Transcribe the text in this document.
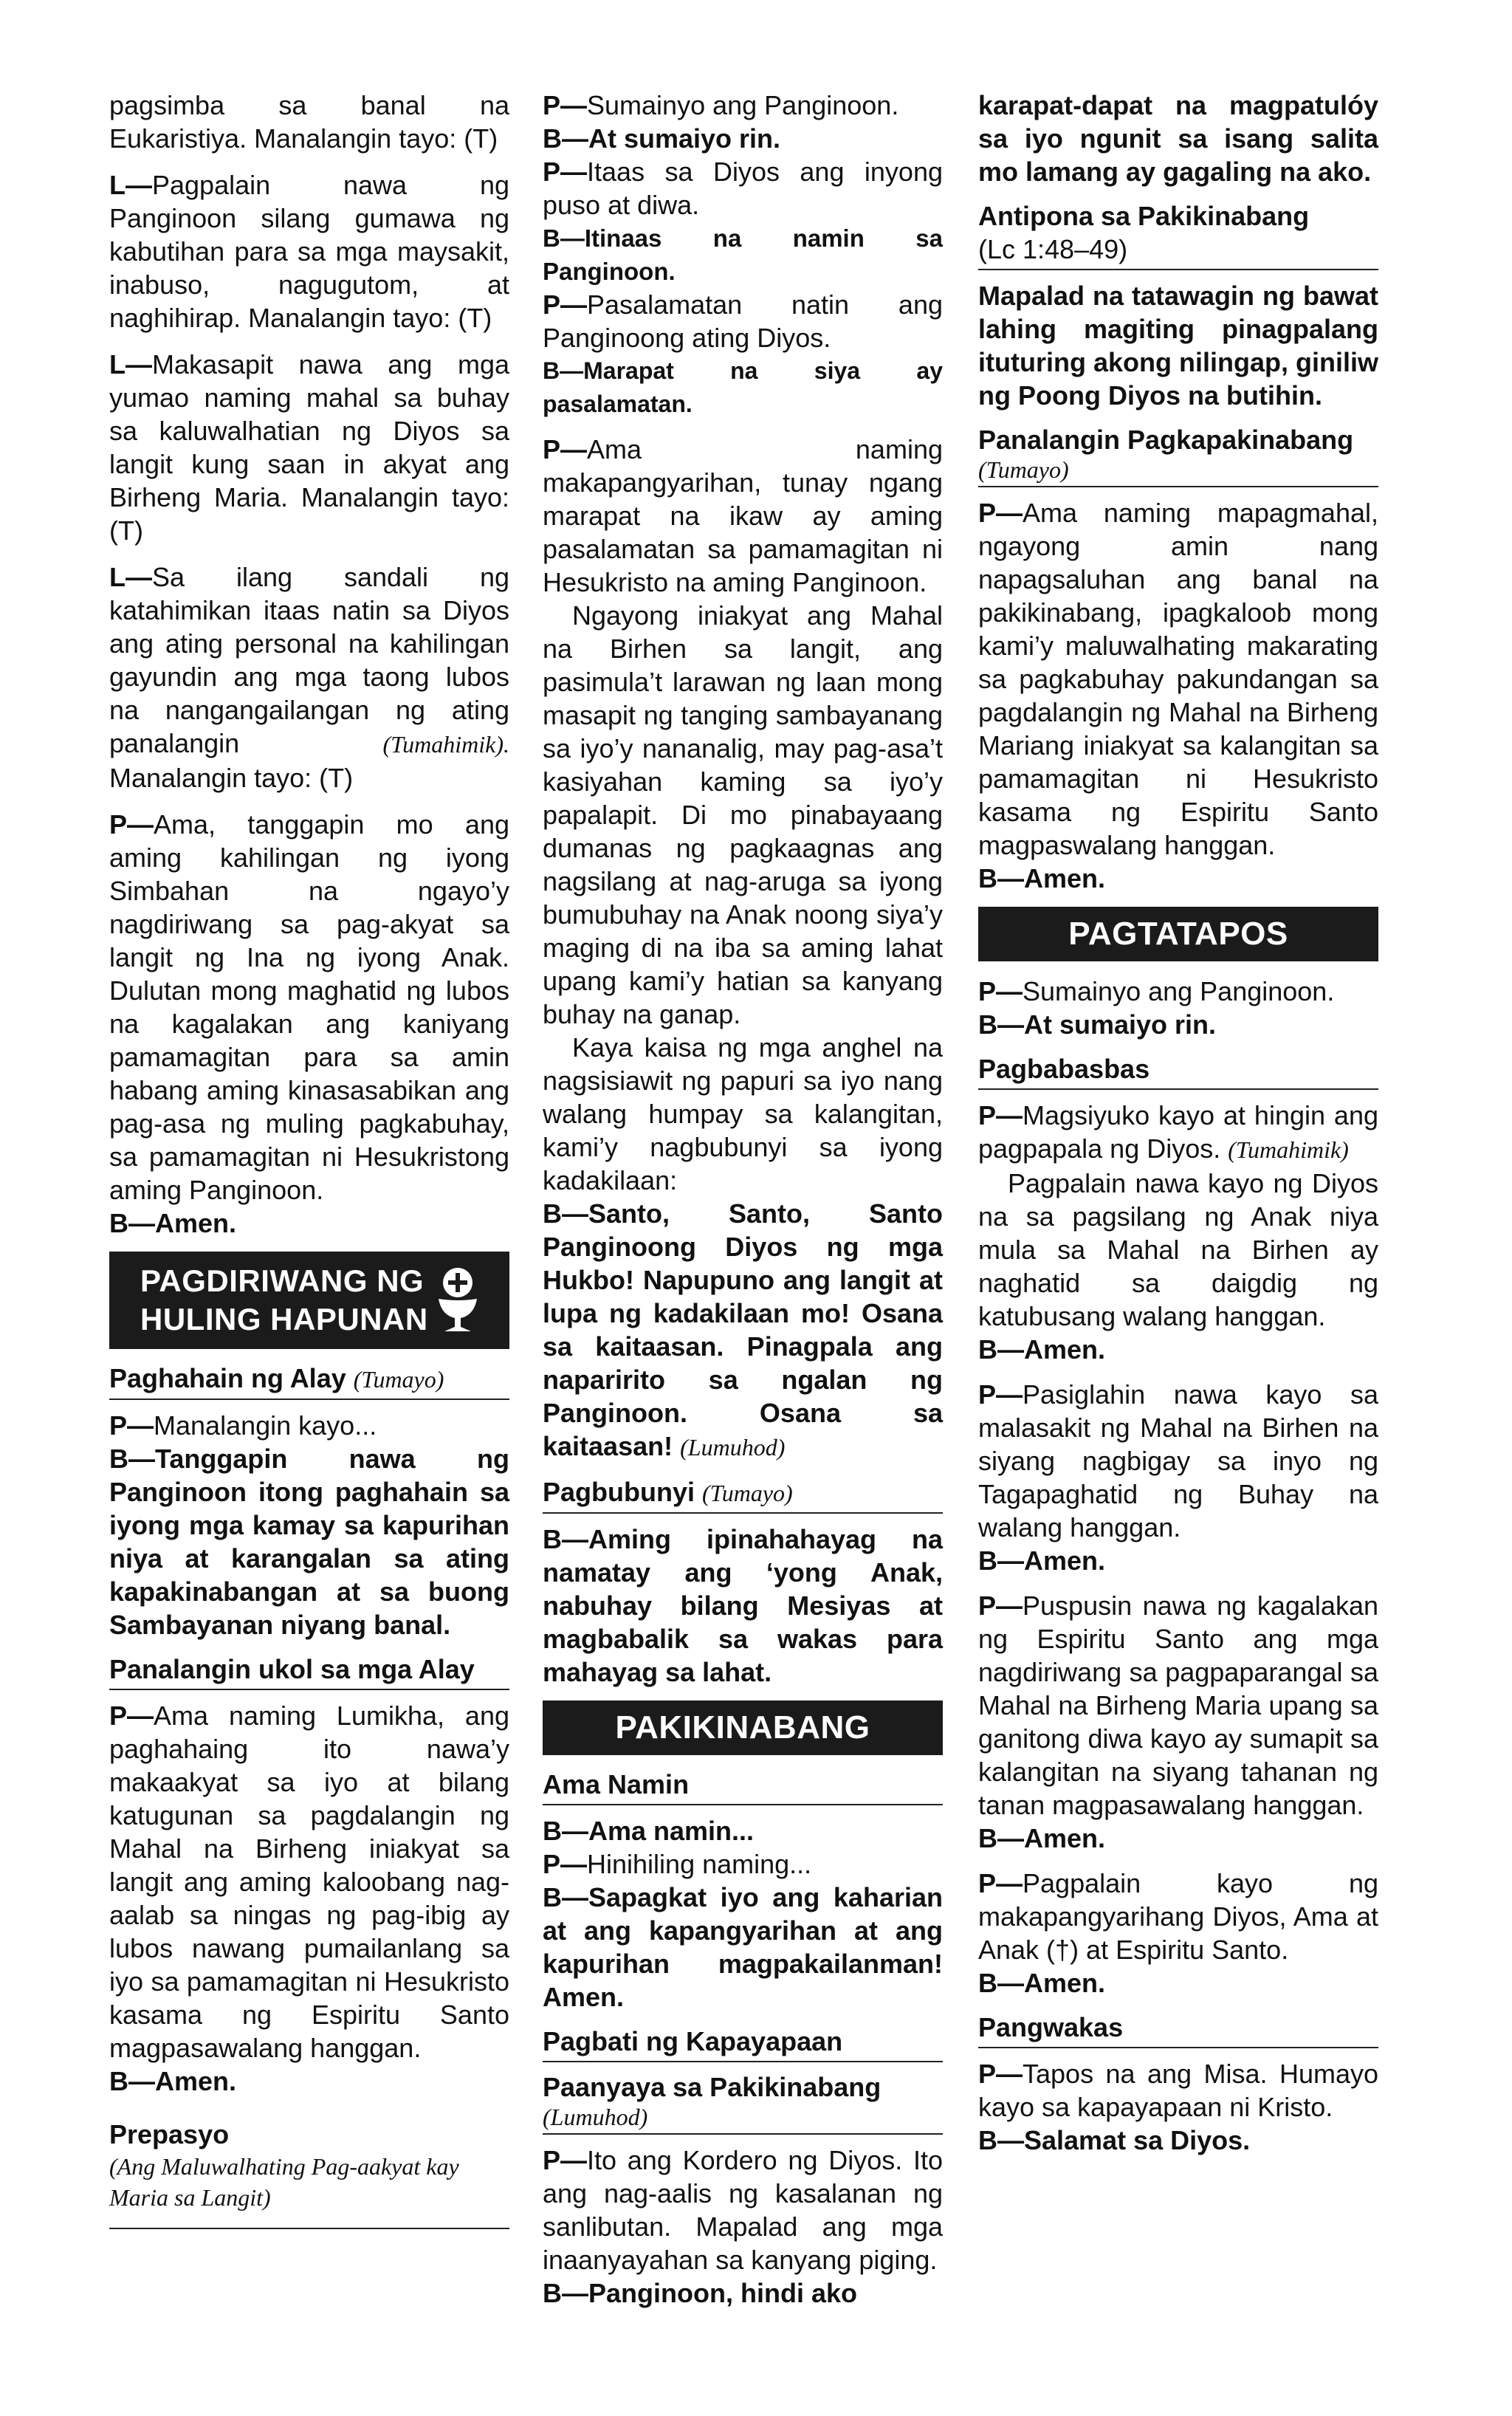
pagsimba sa banal na Eukaristiya. Manalangin tayo: (T)

L—Pagpalain nawa ng Panginoon silang gumawa ng kabutihan para sa mga maysakit, inabuso, nagugutom, at naghihirap. Manalangin tayo: (T)

L—Makasapit nawa ang mga yumao naming mahal sa buhay sa kaluwalhatian ng Diyos sa langit kung saan in akyat ang Birheng Maria. Manalangin tayo: (T)

L—Sa ilang sandali ng katahimikan itaas natin sa Diyos ang ating personal na kahilingan gayundin ang mga taong lubos na nangangailangan ng ating panalangin	(Tumahimik). Manalangin tayo: (T)

P—Ama, tanggapin mo ang aming kahilingan ng iyong Simbahan na ngayo’y nagdiriwang sa pag-akyat sa langit ng Ina ng iyong Anak. Dulutan mong maghatid ng lubos na kagalakan ang kaniyang pamamagitan para sa amin habang aming kinasasabikan ang pag-asa ng muling pagkabuhay, sa pamamagitan ni Hesukristong aming Panginoon.

B—Amen.

PAGDIRIWANG NG
HULING HAPUNAN
Paghahain ng Alay (Tumayo)

P—Manalangin kayo...

B—Tanggapin nawa ng Panginoon itong paghahain sa iyong mga kamay sa kapurihan niya at karangalan sa ating kapakinabangan at sa buong Sambayanan niyang banal.

Panalangin ukol sa mga Alay

P—Ama naming Lumikha, ang paghahaing ito nawa’y makaakyat sa iyo at bilang katugunan sa pagdalangin ng Mahal na Birheng iniakyat sa langit ang aming kaloobang nag-aalab sa ningas ng pag-ibig ay lubos nawang pumailanlang sa iyo sa pamamagitan ni Hesukristo kasama ng Espiritu Santo magpasawalang hanggan.

B—Amen.

Prepasyo
(Ang Maluwalhating Pag-aakyat kay Maria sa Langit)

P—Sumainyo ang Panginoon.

B—At sumaiyo rin.

P—Itaas sa Diyos ang inyong puso at diwa.

B—Itinaas na namin sa Panginoon.

P—Pasalamatan natin ang Panginoong ating Diyos.

B—Marapat na siya ay pasalamatan.

P—Ama naming makapangyarihan, tunay ngang marapat na ikaw ay aming pasalamatan sa pamamagitan ni Hesukristo na aming Panginoon.

Ngayong iniakyat ang Mahal na Birhen sa langit, ang pasimula’t larawan ng laan mong masapit ng tanging sambayanang sa iyo’y nananalig, may pag-asa’t kasiyahan kaming sa iyo’y papalapit. Di mo pinabayaang dumanas ng pagkaagnas ang nagsilang at nag-aruga sa iyong bumubuhay na Anak noong siya’y maging di na iba sa aming lahat upang kami’y hatian sa kanyang buhay na ganap.

Kaya kaisa ng mga anghel na nagsisiawit ng papuri sa iyo nang walang humpay sa kalangitan, kami’y nagbubunyi sa iyong kadakilaan:

B—Santo, Santo, Santo Panginoong Diyos ng mga Hukbo! Napupuno ang langit at lupa ng kadakilaan mo! Osana sa kaitaasan. Pinagpala ang naparirito sa ngalan ng Panginoon. Osana sa kaitaasan! (Lumuhod)

Pagbubunyi (Tumayo)

B—Aming ipinahahayag na namatay ang ‘yong Anak, nabuhay bilang Mesiyas at magbabalik sa wakas para mahayag sa lahat.

PAKIKINABANG
Ama Namin

B—Ama namin...

P—Hinihiling naming...

B—Sapagkat iyo ang kaharian at ang kapangyarihan at ang kapurihan magpakailanman! Amen.

Pagbati ng Kapayapaan
Paanyaya sa Pakikinabang
(Lumuhod)

P—Ito ang Kordero ng Diyos. Ito ang nag-aalis ng kasalanan ng sanlibutan. Mapalad ang mga inaanyayahan sa kanyang piging.

B—Panginoon, hindi ako

karapat-dapat na magpatulóy sa iyo ngunit sa isang salita mo lamang ay gagaling na ako.

Antipona sa Pakikinabang
(Lc 1:48–49)

Mapalad na tatawagin ng bawat lahing magiting pinagpalang ituturing akong nilingap, giniliw ng Poong Diyos na butihin.

Panalangin Pagkapakinabang
(Tumayo)

P—Ama naming mapagmahal, ngayong amin nang napagsaluhan ang banal na pakikinabang, ipagkaloob mong kami’y maluwalhating makarating sa pagkabuhay pakundangan sa pagdalangin ng Mahal na Birheng Mariang iniakyat sa kalangitan sa pamamagitan ni Hesukristo kasama ng Espiritu Santo magpaswalang hanggan.

B—Amen.

PAGTATAPOS

P—Sumainyo ang Panginoon.

B—At sumaiyo rin.

Pagbabasbas

P—Magsiyuko kayo at hingin ang pagpapala ng Diyos. (Tumahimik)

Pagpalain nawa kayo ng Diyos na sa pagsilang ng Anak niya mula sa Mahal na Birhen ay naghatid sa daigdig ng katubusang walang hanggan.

B—Amen.

P—Pasiglahin nawa kayo sa malasakit ng Mahal na Birhen na siyang nagbigay sa inyo ng Tagapaghatid ng Buhay na walang hanggan.

B—Amen.

P—Puspusin nawa ng kagalakan ng Espiritu Santo ang mga nagdiriwang sa pagpaparangal sa Mahal na Birheng Maria upang sa ganitong diwa kayo ay sumapit sa kalangitan na siyang tahanan ng tanan magpasawalang hanggan.

B—Amen.

P—Pagpalain kayo ng makapangyarihang Diyos, Ama at Anak (†) at Espiritu Santo.

B—Amen.

Pangwakas

P—Tapos na ang Misa. Humayo kayo sa kapayapaan ni Kristo.

B—Salamat sa Diyos.
